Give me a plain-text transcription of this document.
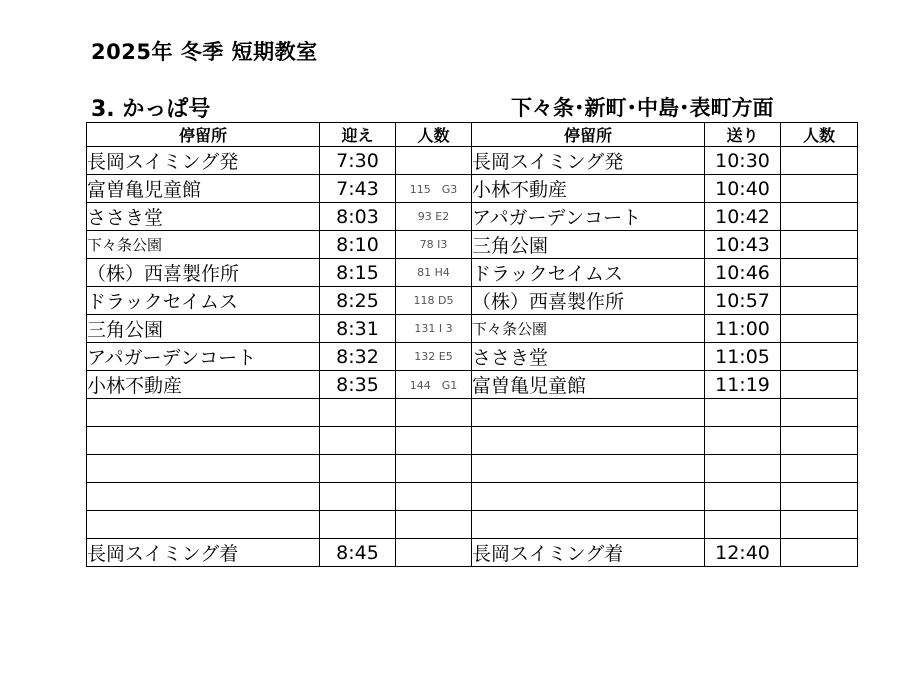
2025年 冬季 短期教室
3. かっぱ号	下々条･新町･中島･表町方面
停留所	迎え	人数	停留所	送り	人数
長岡スイミング発	7:30		長岡スイミング発	10:30	
富曽亀児童館	7:43	115　G3	小林不動産	10:40	
ささき堂	8:03	93 E2	アパガーデンコート	10:42	
下々条公園	8:10	78 I3	三角公園	10:43	
（株）西喜製作所	8:15	81 H4	ドラックセイムス	10:46	
ドラックセイムス	8:25	118 D5	（株）西喜製作所	10:57	
三角公園	8:31	131 I 3	下々条公園	11:00	
アパガーデンコート	8:32	132 E5	ささき堂	11:05	
小林不動産	8:35	144　G1	富曽亀児童館	11:19	

長岡スイミング着	8:45		長岡スイミング着	12:40	
